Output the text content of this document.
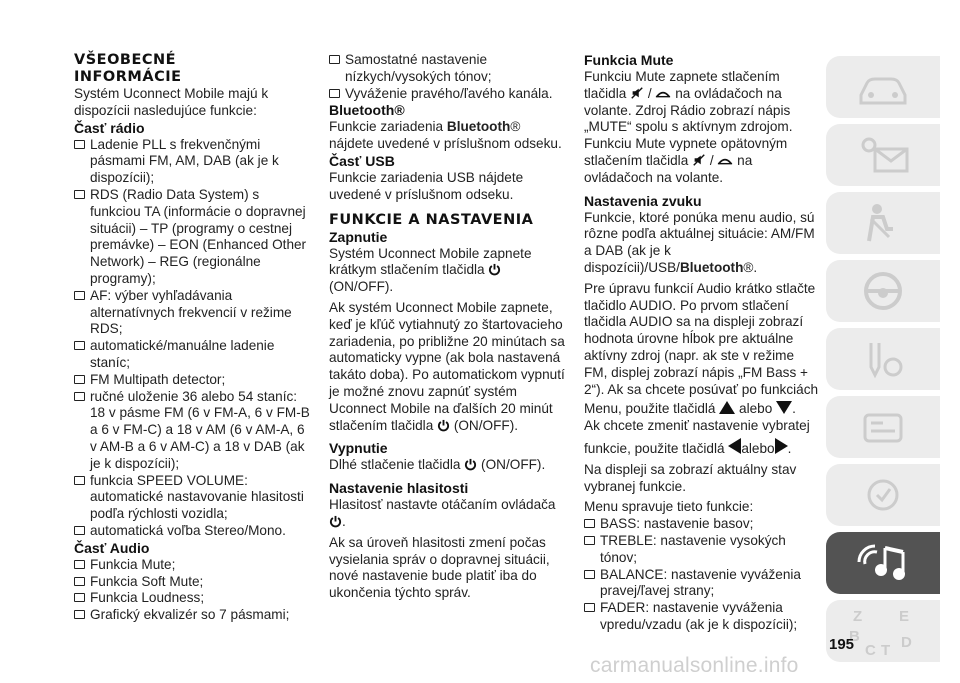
VŠEOBECNÉ INFORMÁCIE

Systém Uconnect Mobile majú k dispozícii nasledujúce funkcie:

Časť rádio

Ladenie PLL s frekvenčnými pásmami FM, AM, DAB (ak je k dispozícii);

RDS (Radio Data System) s funkciou TA (informácie o dopravnej situácii) – TP (programy o cestnej premávke) – EON (Enhanced Other Network) – REG (regionálne programy);

AF: výber vyhľadávania alternatívnych frekvencií v režime RDS;

automatické/manuálne ladenie staníc;

FM Multipath detector;

ručné uloženie 36 alebo 54 staníc: 18 v pásme FM (6 v FM-A, 6 v FM-B a 6 v FM-C) a 18 v AM (6 v AM-A, 6 v AM-B a 6 v AM-C) a 18 v DAB (ak je k dispozícii);

funkcia SPEED VOLUME: automatické nastavovanie hlasitosti podľa rýchlosti vozidla;

automatická voľba Stereo/Mono.

Časť Audio

Funkcia Mute;

Funkcia Soft Mute;

Funkcia Loudness;

Grafický ekvalizér so 7 pásmami;

Samostatné nastavenie nízkych/vysokých tónov;

Vyváženie pravého/ľavého kanála.

Bluetooth®

Funkcie zariadenia Bluetooth® nájdete uvedené v príslušnom odseku.

Časť USB

Funkcie zariadenia USB nájdete uvedené v príslušnom odseku.

FUNKCIE A NASTAVENIA

Zapnutie

Systém Uconnect Mobile zapnete krátkym stlačením tlačidla  (ON/OFF).

Ak systém Uconnect Mobile zapnete, keď je kľúč vytiahnutý zo štartovacieho zariadenia, po približne 20 minútach sa automaticky vypne (ak bola nastavená takáto doba). Po automatickom vypnutí je možné znovu zapnúť systém Uconnect Mobile na ďalších 20 minút stlačením tlačidla (ON/OFF).

Vypnutie

Dlhé stlačenie tlačidla (ON/OFF).

Nastavenie hlasitosti

Hlasitosť nastavte otáčaním ovládača .

Ak sa úroveň hlasitosti zmení počas vysielania správ o dopravnej situácii, nové nastavenie bude platiť iba do ukončenia týchto správ.

Funkcia Mute

Funkciu Mute zapnete stlačením
tlačidla / na ovládačoch na volante. Zdroj Rádio zobrazí nápis „MUTE“ spolu s aktívnym zdrojom. Funkciu Mute vypnete opätovným
stlačením tlačidla / na
ovládačoch na volante.

Nastavenia zvuku

Funkcie, ktoré ponúka menu audio, sú rôzne podľa aktuálnej situácie: AM/FM a DAB (ak je k dispozícii)/USB/Bluetooth®.

Pre úpravu funkcií Audio krátko stlačte tlačidlo AUDIO. Po prvom stlačení tlačidla AUDIO sa na displeji zobrazí hodnota úrovne hĺbok pre aktuálne aktívny zdroj (napr. ak ste v režime FM, displej zobrazí nápis „FM Bass + 2“). Ak sa chcete posúvať po funkciách

Menu, použite tlačidlá alebo .

Ak chcete zmeniť nastavenie vybratej

funkcie, použite tlačidlá alebo .

Na displeji sa zobrazí aktuálny stav vybranej funkcie.

Menu spravuje tieto funkcie:

BASS: nastavenie basov;

TREBLE: nastavenie vysokých tónov;

BALANCE: nastavenie vyváženia pravej/ľavej strany;

FADER: nastavenie vyváženia vpredu/vzadu (ak je k dispozícii);	Z E
B
C D
T
195
carmanualsonline.info
